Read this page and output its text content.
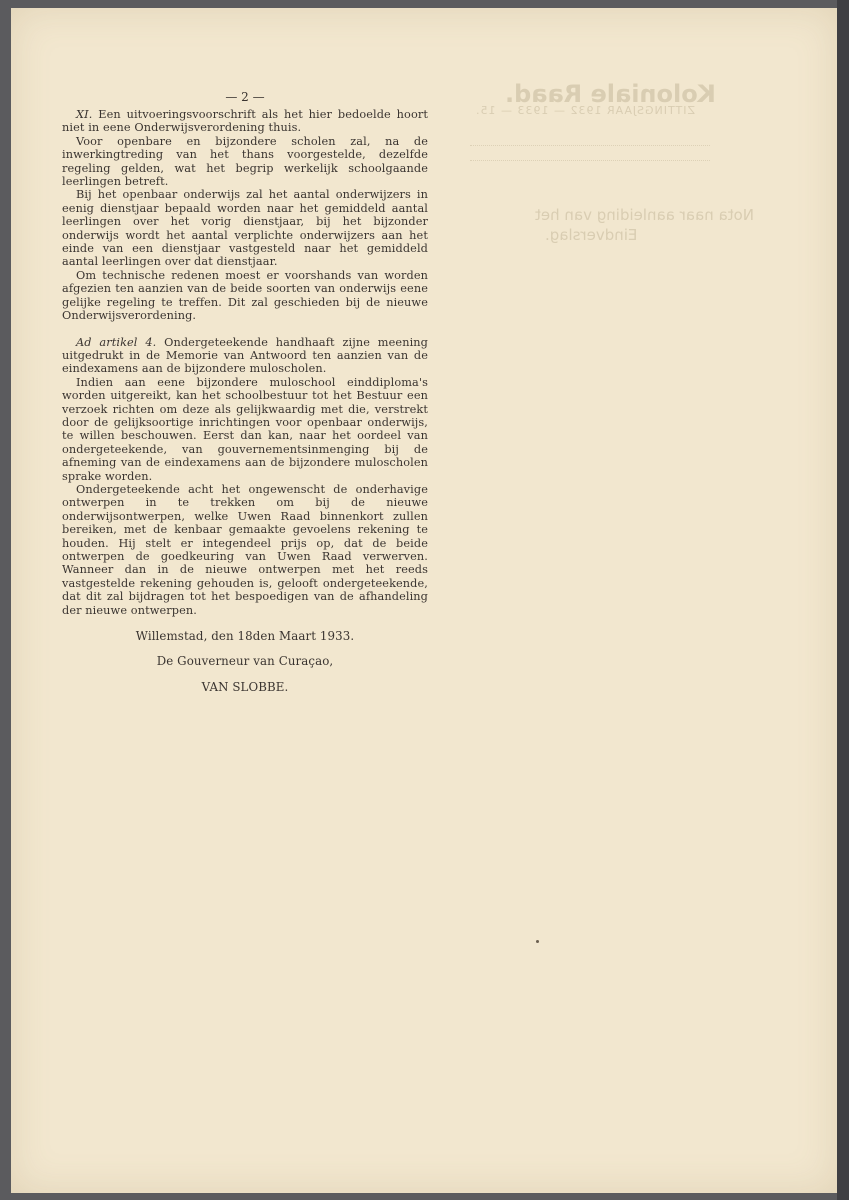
Koloniale Raad.
ZITTINGSJAAR 1932 — 1933 — 15.
Nota naar aanleiding van het
Eindverslag.
— 2 —

XI. Een uitvoeringsvoorschrift als het hier bedoelde hoort niet in eene Onderwijsverordening thuis.

Voor openbare en bijzondere scholen zal, na de inwerkingtreding van het thans voorgestelde, dezelfde regeling gelden, wat het begrip werkelijk schoolgaande leerlingen betreft.

Bij het openbaar onderwijs zal het aantal onderwijzers in eenig dienstjaar bepaald worden naar het gemiddeld aantal leerlingen over het vorig dienstjaar, bij het bijzonder onderwijs wordt het aantal verplichte onderwijzers aan het einde van een dienstjaar vastgesteld naar het gemiddeld aantal leerlingen over dat dienstjaar.

Om technische redenen moest er voorshands van worden afgezien ten aanzien van de beide soorten van onderwijs eene gelijke regeling te treffen. Dit zal geschieden bij de nieuwe Onderwijsverordening.

Ad artikel 4. Ondergeteekende handhaaft zijne meening uitgedrukt in de Memorie van Antwoord ten aanzien van de eindexamens aan de bijzondere muloscholen.

Indien aan eene bijzondere muloschool einddiploma's worden uitgereikt, kan het schoolbestuur tot het Bestuur een verzoek richten om deze als gelijkwaardig met die, verstrekt door de gelijksoortige inrichtingen voor openbaar onderwijs, te willen beschouwen. Eerst dan kan, naar het oordeel van ondergeteekende, van gouvernementsinmenging bij de afneming van de eindexamens aan de bijzondere muloscholen sprake worden.

Ondergeteekende acht het ongewenscht de onderhavige ontwerpen in te trekken om bij de nieuwe onderwijsontwerpen, welke Uwen Raad binnenkort zullen bereiken, met de kenbaar gemaakte gevoelens rekening te houden. Hij stelt er integendeel prijs op, dat de beide ontwerpen de goedkeuring van Uwen Raad verwerven. Wanneer dan in de nieuwe ontwerpen met het reeds vastgestelde rekening gehouden is, gelooft ondergeteekende, dat dit zal bijdragen tot het bespoedigen van de afhandeling der nieuwe ontwerpen.

Willemstad, den 18den Maart 1933.

De Gouverneur van Curaçao,

VAN SLOBBE.
